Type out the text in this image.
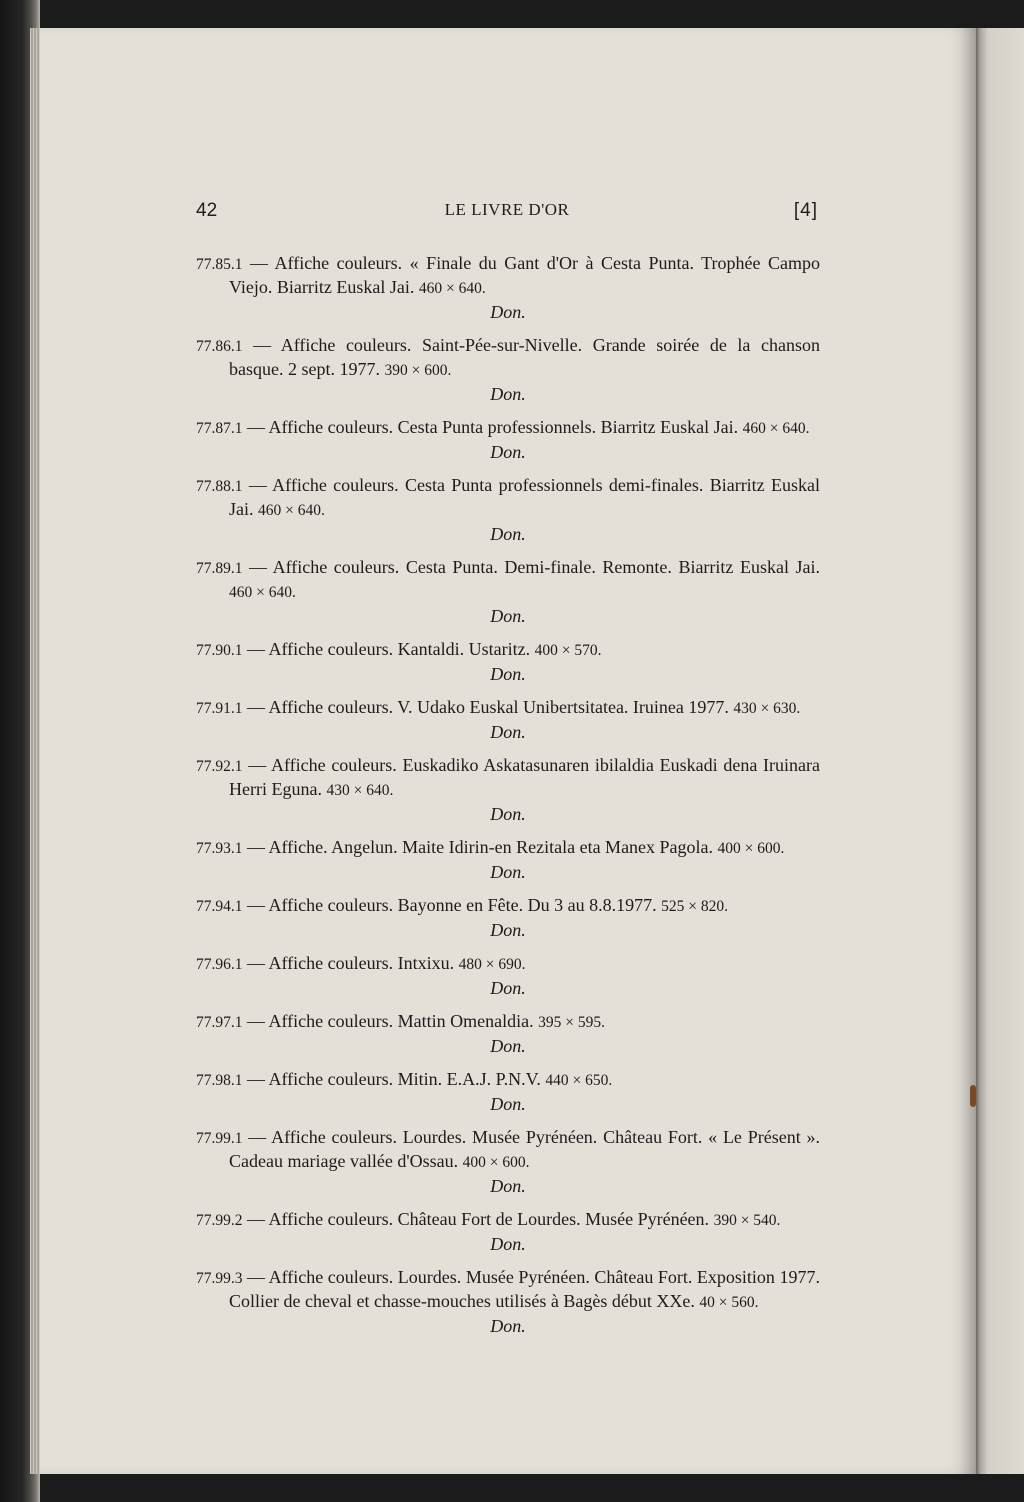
42	LE LIVRE D'OR	[4]

77.85.1 — Affiche couleurs. « Finale du Gant d'Or à Cesta Punta. Trophée Campo Viejo. Biarritz Euskal Jai. 460 × 640.

Don.

77.86.1 — Affiche couleurs. Saint-Pée-sur-Nivelle. Grande soirée de la chanson basque. 2 sept. 1977. 390 × 600.

Don.

77.87.1 — Affiche couleurs. Cesta Punta professionnels. Biarritz Euskal Jai. 460 × 640.

Don.

77.88.1 — Affiche couleurs. Cesta Punta professionnels demi-finales. Biarritz Euskal Jai. 460 × 640.

Don.

77.89.1 — Affiche couleurs. Cesta Punta. Demi-finale. Remonte. Biarritz Euskal Jai. 460 × 640.

Don.

77.90.1 — Affiche couleurs. Kantaldi. Ustaritz. 400 × 570.

Don.

77.91.1 — Affiche couleurs. V. Udako Euskal Unibertsitatea. Iruinea 1977. 430 × 630.

Don.

77.92.1 — Affiche couleurs. Euskadiko Askatasunaren ibilaldia Euskadi dena Iruinara Herri Eguna. 430 × 640.

Don.

77.93.1 — Affiche. Angelun. Maite Idirin-en Rezitala eta Manex Pagola. 400 × 600.

Don.

77.94.1 — Affiche couleurs. Bayonne en Fête. Du 3 au 8.8.1977. 525 × 820.

Don.

77.96.1 — Affiche couleurs. Intxixu. 480 × 690.

Don.

77.97.1 — Affiche couleurs. Mattin Omenaldia. 395 × 595.

Don.

77.98.1 — Affiche couleurs. Mitin. E.A.J. P.N.V. 440 × 650.

Don.

77.99.1 — Affiche couleurs. Lourdes. Musée Pyrénéen. Château Fort. « Le Présent ». Cadeau mariage vallée d'Ossau. 400 × 600.

Don.

77.99.2 — Affiche couleurs. Château Fort de Lourdes. Musée Pyrénéen. 390 × 540.

Don.

77.99.3 — Affiche couleurs. Lourdes. Musée Pyrénéen. Château Fort. Exposition 1977. Collier de cheval et chasse-mouches utilisés à Bagès début XXe. 40 × 560.

Don.
